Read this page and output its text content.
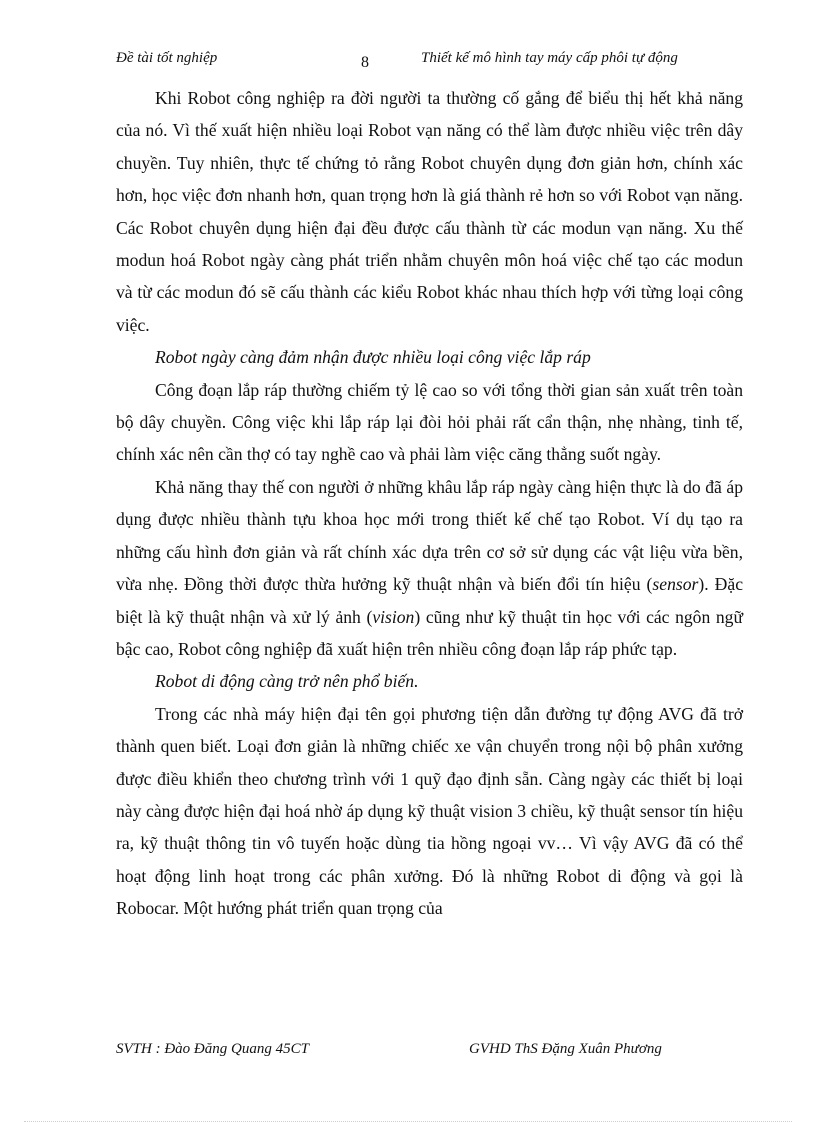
Đề tài tốt nghiệp	8	Thiết kế mô hình tay máy cấp phôi tự động

Khi Robot công nghiệp ra đời người ta thường cố gắng để biểu thị hết khả năng của nó. Vì thế xuất hiện nhiều loại Robot vạn năng có thể làm được nhiều việc trên dây chuyền. Tuy nhiên, thực tế chứng tỏ rằng Robot chuyên dụng đơn giản hơn, chính xác hơn, học việc đơn nhanh hơn, quan trọng hơn là giá thành rẻ hơn so với Robot vạn năng. Các Robot chuyên dụng hiện đại đều được cấu thành từ các modun vạn năng. Xu thế modun hoá Robot ngày càng phát triển nhằm chuyên môn hoá việc chế tạo các modun và từ các modun đó sẽ cấu thành các kiểu Robot khác nhau thích hợp với từng loại công việc.

Robot ngày càng đảm nhận được nhiều loại công việc lắp ráp

Công đoạn lắp ráp thường chiếm tỷ lệ cao so với tổng thời gian sản xuất trên toàn bộ dây chuyền. Công việc khi lắp ráp lại đòi hỏi phải rất cẩn thận, nhẹ nhàng, tinh tế, chính xác nên cần thợ có tay nghề cao và phải làm việc căng thẳng suốt ngày.

Khả năng thay thế con người ở những khâu lắp ráp ngày càng hiện thực là do đã áp dụng được nhiều thành tựu khoa học mới trong thiết kế chế tạo Robot. Ví dụ tạo ra những cấu hình đơn giản và rất chính xác dựa trên cơ sở sử dụng các vật liệu vừa bền, vừa nhẹ. Đồng thời được thừa hưởng kỹ thuật nhận và biến đổi tín hiệu (sensor). Đặc biệt là kỹ thuật nhận và xử lý ảnh (vision) cũng như kỹ thuật tin học với các ngôn ngữ bậc cao, Robot công nghiệp đã xuất hiện trên nhiều công đoạn lắp ráp phức tạp.

Robot di động càng trở nên phổ biến.

Trong các nhà máy hiện đại tên gọi phương tiện dẫn đường tự động AVG đã trở thành quen biết. Loại đơn giản là những chiếc xe vận chuyển trong nội bộ phân xưởng được điều khiển theo chương trình với 1 quỹ đạo định sẵn. Càng ngày các thiết bị loại này càng được hiện đại hoá nhờ áp dụng kỹ thuật vision 3 chiều, kỹ thuật sensor tín hiệu ra, kỹ thuật thông tin vô tuyến hoặc dùng tia hồng ngoại vv… Vì vậy AVG đã có thể hoạt động linh hoạt trong các phân xưởng. Đó là những Robot di động và gọi là Robocar. Một hướng phát triển quan trọng của

SVTH : Đào Đăng Quang 45CT	GVHD ThS Đặng Xuân Phương
